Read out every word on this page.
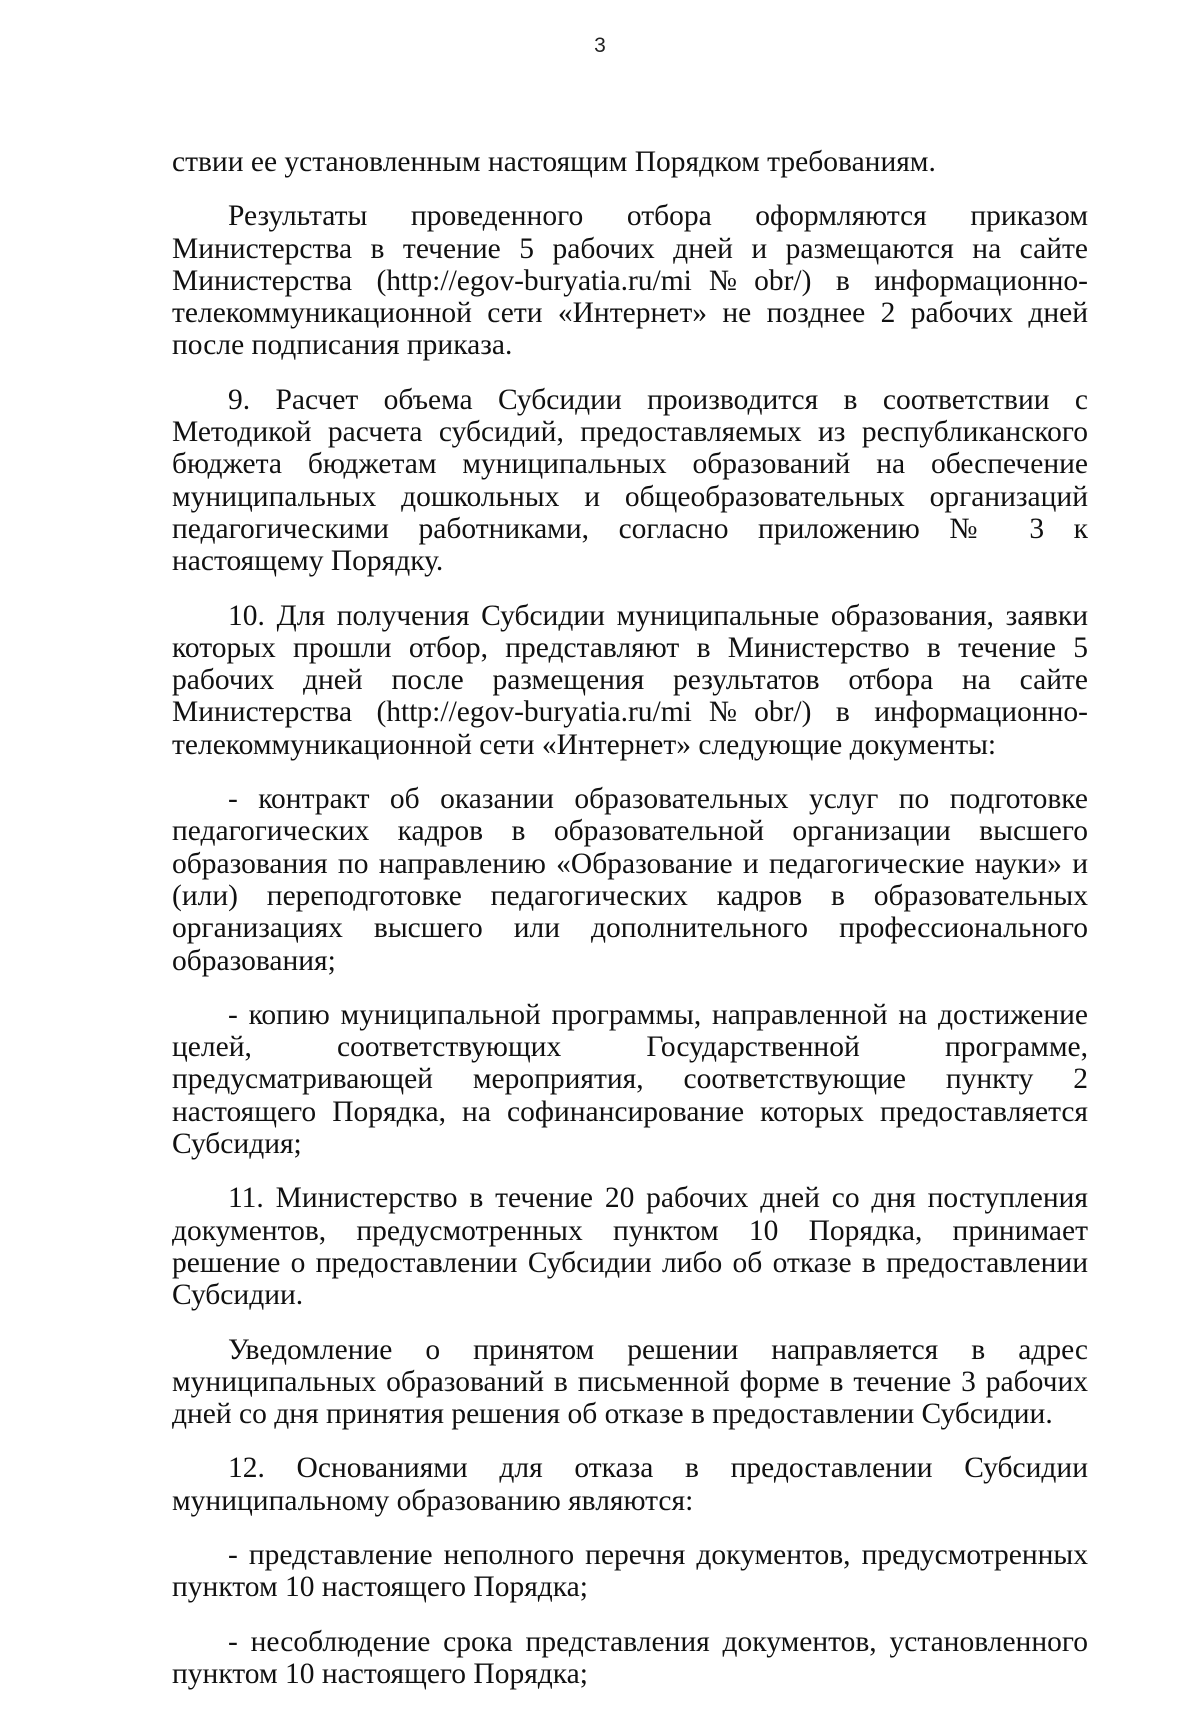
3

ствии ее установленным настоящим Порядком требованиям.

Результаты проведенного отбора оформляются приказом Министерства в течение 5 рабочих дней и размещаются на сайте Министерства (http://egov-buryatia.ru/mi№obr/) в информационно-телекоммуникационной сети «Интернет» не позднее 2 рабочих дней после подписания приказа.

9. Расчет объема Субсидии производится в соответствии с Методикой расчета субсидий, предоставляемых из республиканского бюджета бюджетам муниципальных образований на обеспечение муниципальных дошкольных и общеобразовательных организаций педагогическими работниками, согласно приложению № 3 к настоящему Порядку.

10. Для получения Субсидии муниципальные образования, заявки которых прошли отбор, представляют в Министерство в течение 5 рабочих дней после размещения результатов отбора на сайте Министерства (http://egov-buryatia.ru/mi№obr/) в информационно-телекоммуникационной сети «Интернет» следующие документы:

- контракт об оказании образовательных услуг по подготовке педагогических кадров в образовательной организации высшего образования по направлению «Образование и педагогические науки» и (или) переподготовке педагогических кадров в образовательных организациях высшего или дополнительного профессионального образования;

- копию муниципальной программы, направленной на достижение целей, соответствующих Государственной программе, предусматривающей мероприятия, соответствующие пункту 2 настоящего Порядка, на софинансирование которых предоставляется Субсидия;

11. Министерство в течение 20 рабочих дней со дня поступления документов, предусмотренных пунктом 10 Порядка, принимает решение о предоставлении Субсидии либо об отказе в предоставлении Субсидии.

Уведомление о принятом решении направляется в адрес муниципальных образований в письменной форме в течение 3 рабочих дней со дня принятия решения об отказе в предоставлении Субсидии.

12. Основаниями для отказа в предоставлении Субсидии муниципальному образованию являются:

- представление неполного перечня документов, предусмотренных пунктом 10 настоящего Порядка;

- несоблюдение срока представления документов, установленного пунктом 10 настоящего Порядка;
